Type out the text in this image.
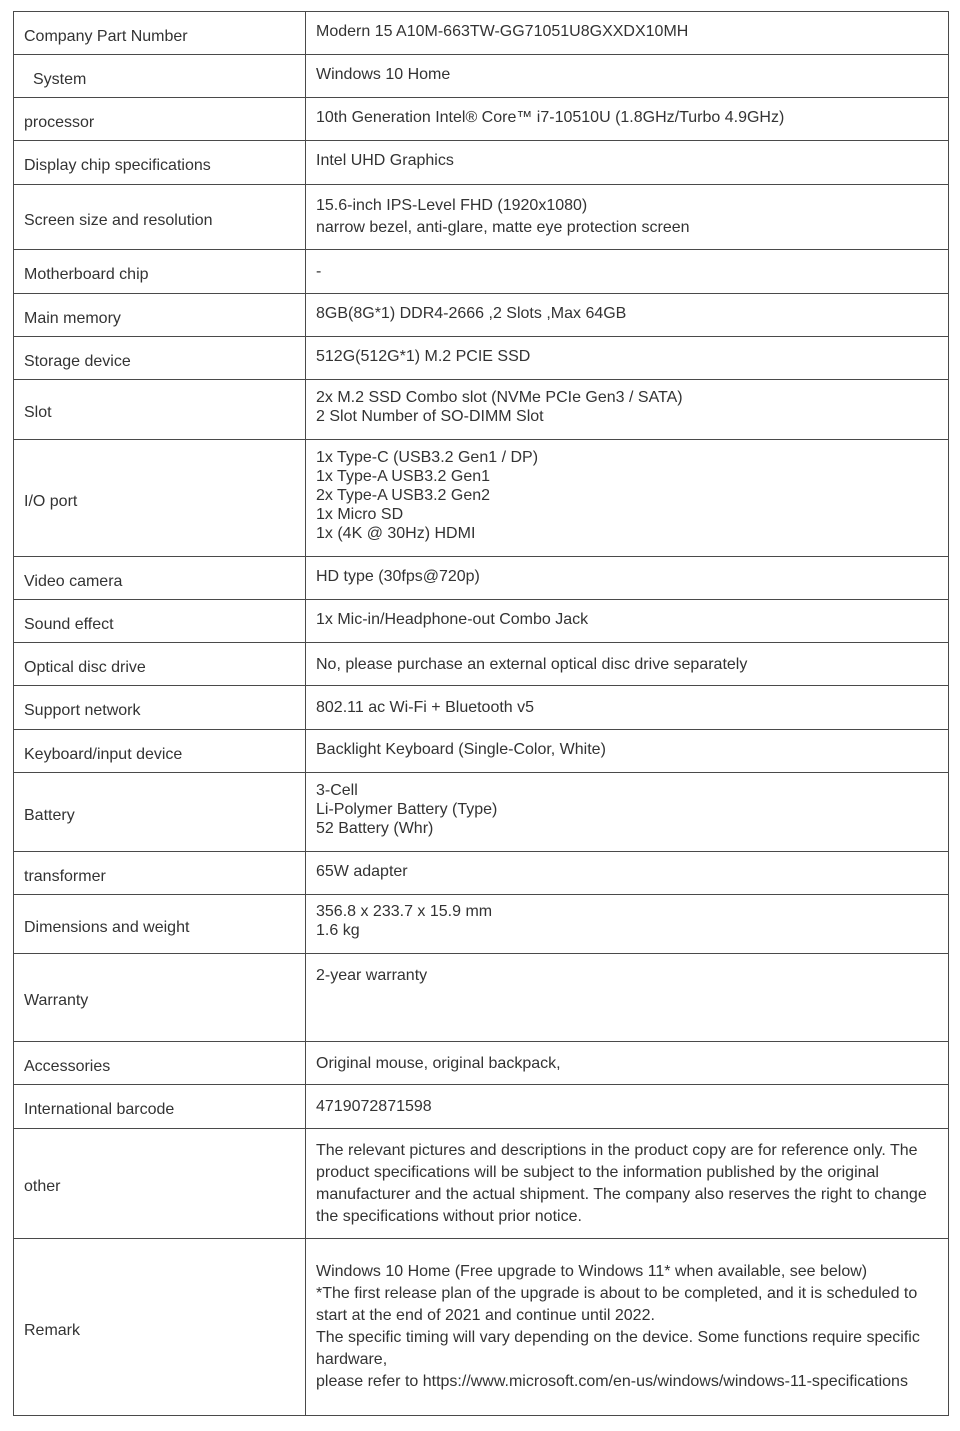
Company Part Number	Modern 15 A10M-663TW-GG71051U8GXXDX10MH

System	Windows 10 Home

processor	10th Generation Intel® Core™ i7-10510U (1.8GHz/Turbo 4.9GHz)

Display chip specifications	Intel UHD Graphics

Screen size and resolution	15.6-inch IPS-Level FHD (1920x1080)
narrow bezel, anti-glare, matte eye protection screen

Motherboard chip	-

Main memory	8GB(8G*1) DDR4-2666 ,2 Slots ,Max 64GB

Storage device	512G(512G*1) M.2 PCIE SSD

Slot	2x M.2 SSD Combo slot (NVMe PCIe Gen3 / SATA)
2 Slot Number of SO-DIMM Slot

I/O port	1x Type-C (USB3.2 Gen1 / DP)
1x Type-A USB3.2 Gen1
2x Type-A USB3.2 Gen2
1x Micro SD
1x (4K @ 30Hz) HDMI

Video camera	HD type (30fps@720p)

Sound effect	1x Mic-in/Headphone-out Combo Jack

Optical disc drive	No, please purchase an external optical disc drive separately

Support network	802.11 ac Wi-Fi + Bluetooth v5

Keyboard/input device	Backlight Keyboard (Single-Color, White)

Battery	3-Cell
Li-Polymer Battery (Type)
52 Battery (Whr)

transformer	65W adapter

Dimensions and weight	356.8 x 233.7 x 15.9 mm
1.6 kg

Warranty	2-year warranty

Accessories	Original mouse, original backpack,

International barcode	4719072871598

other	The relevant pictures and descriptions in the product copy are for reference only. The product specifications will be subject to the information published by the original manufacturer and the actual shipment. The company also reserves the right to change the specifications without prior notice.

Remark	Windows 10 Home (Free upgrade to Windows 11* when available, see below)
*The first release plan of the upgrade is about to be completed, and it is scheduled to start at the end of 2021 and continue until 2022.
The specific timing will vary depending on the device. Some functions require specific hardware,
please refer to https://www.microsoft.com/en-us/windows/windows-11-specifications
